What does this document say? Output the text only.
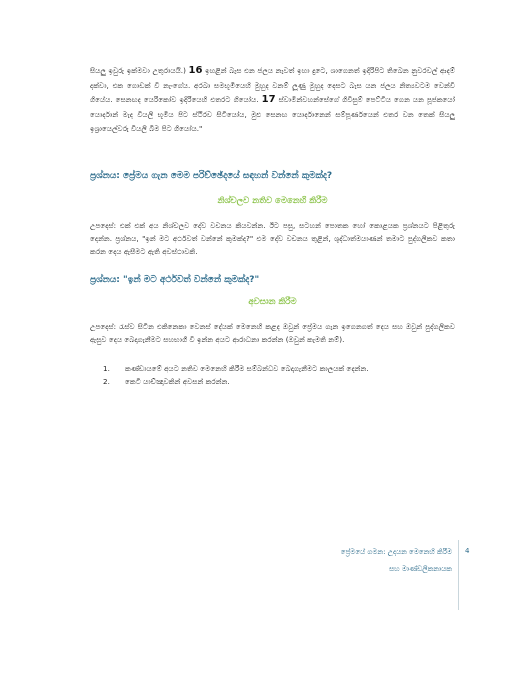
සියලු ඉවුරු ඉක්මවා උතුරායයි.) 16 ඉහළින් බැස එන ජලය නැවත් ඉහා දුටෙ, ශාගෙනත් ඉදිරිපිට තිබෙන නුවරවල් ආදම් දක්වා, එක ගොඩක් වී නැංගේය. අරබා සමභූමියෙහි මුහුද වනම් ලූණු මුහුද දෙසට බැස යන ජලය නිත්‍යවටම වෙන්වී ගියේය. සෙනඟද යෙරිකෝව ඉදිරියෙහි එතරට ගියෝය. 17 ස්වාමීන්වහන්සේගේ ගිවිසුම් පෙට්ටිය ගෙන යන පූජකයෝ යොර්දාන් මැද වියලි භූමිය පිට ස්ථිරව සිටියෝය, මුළු සෙනඟ යොර්දානෙන් සම්පූර්ණයෙන් එතර වන තෙක් සියලු ඉශ්‍රායෙල්වරු වියලි බිම පිට ගියෝය."

ප්‍රශ්නය: ප්‍රේමය ගැන මෙම පරිච්ඡේදයේ සඳහන් වන්නේ කුමක්ද?
නිශ්චලව නතිව මෙනෙහි කිරීම

උපදෙස්: එක් එක් අය නිශ්චලව දේව වචනය කියවන්න. ඊට පසු, සටහන් පොතක හෝ කොළයක ප්‍රශ්නයට පිළිතුරු දෙන්න. ප්‍රශ්නය, "ඉන් මට අර්ථවත් වන්නේ කුමක්ද?" එම දේව වචනය තුළින්, ශුද්ධාත්මයාණන් තමාට පුද්ගලිකව කතා කරන දෙය ඇසීමට ඇති අවස්ථාවකි.

ප්‍රශ්නය: "ඉන් මට අර්ථවත් වන්නේ කුමක්ද?"
අවසාන කිරීම

උපදෙස්: රැස්ව සිටින එකිනෙකා වෙනස් දේයක් මෙනෙහි කළද ඔවුන් ප්‍රේමය ගැන ඉගෙනගත් දෙය සහ ඔවුන් පුද්ගලිකව ඇසුව දෙය බෙදාගැනීමට සහභාගී වී ඉන්න අයට ආරාධනා කරන්න (ඔවුන් කැමති නම්).

1.	කණ්ඩායමේ අයට නතිව මෙනෙහි කිරීම සම්බන්ධව බෙදාගැනීමට කාලයක් දෙන්න.
2.	කෙටි යාච්ඤාවකින් අවසන් කරන්න.
ප්‍රේමයේ ගමන: උදයන මෙනෙහි කිරීම
සහ මාණ්ඩලිකනායක
4
